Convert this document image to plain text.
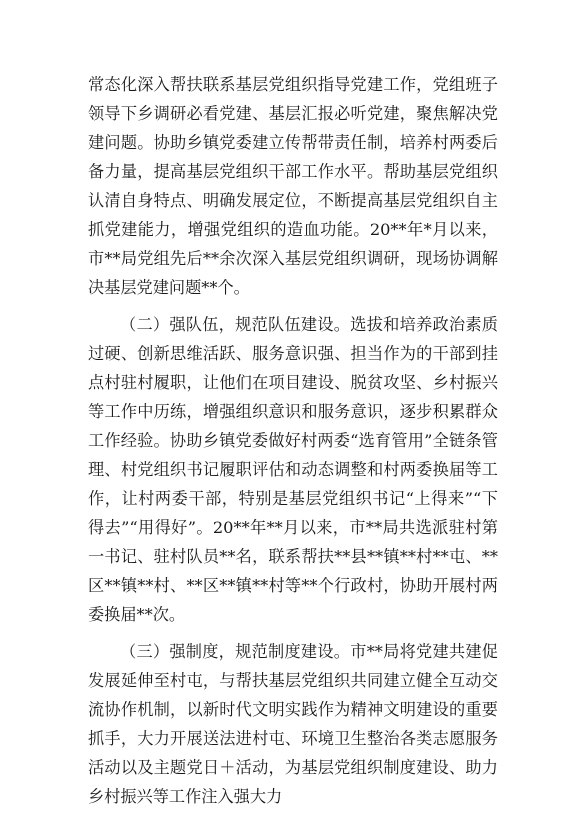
常态化深入帮扶联系基层党组织指导党建工作，党组班子领导下乡调研必看党建、基层汇报必听党建，聚焦解决党建问题。协助乡镇党委建立传帮带责任制，培养村两委后备力量，提高基层党组织干部工作水平。帮助基层党组织认清自身特点、明确发展定位，不断提高基层党组织自主抓党建能力，增强党组织的造血功能。20**年*月以来，市**局党组先后**余次深入基层党组织调研，现场协调解决基层党建问题**个。

（二）强队伍，规范队伍建设。选拔和培养政治素质过硬、创新思维活跃、服务意识强、担当作为的干部到挂点村驻村履职，让他们在项目建设、脱贫攻坚、乡村振兴等工作中历练，增强组织意识和服务意识，逐步积累群众工作经验。协助乡镇党委做好村两委“选育管用”全链条管理、村党组织书记履职评估和动态调整和村两委换届等工作，让村两委干部，特别是基层党组织书记“上得来”“下得去”“用得好”。20**年**月以来，市**局共选派驻村第一书记、驻村队员**名，联系帮扶**县**镇**村**屯、**区**镇**村、**区**镇**村等**个行政村，协助开展村两委换届**次。

（三）强制度，规范制度建设。市**局将党建共建促发展延伸至村屯，与帮扶基层党组织共同建立健全互动交流协作机制，以新时代文明实践作为精神文明建设的重要抓手，大力开展送法进村屯、环境卫生整治各类志愿服务活动以及主题党日＋活动，为基层党组织制度建设、助力乡村振兴等工作注入强大力
